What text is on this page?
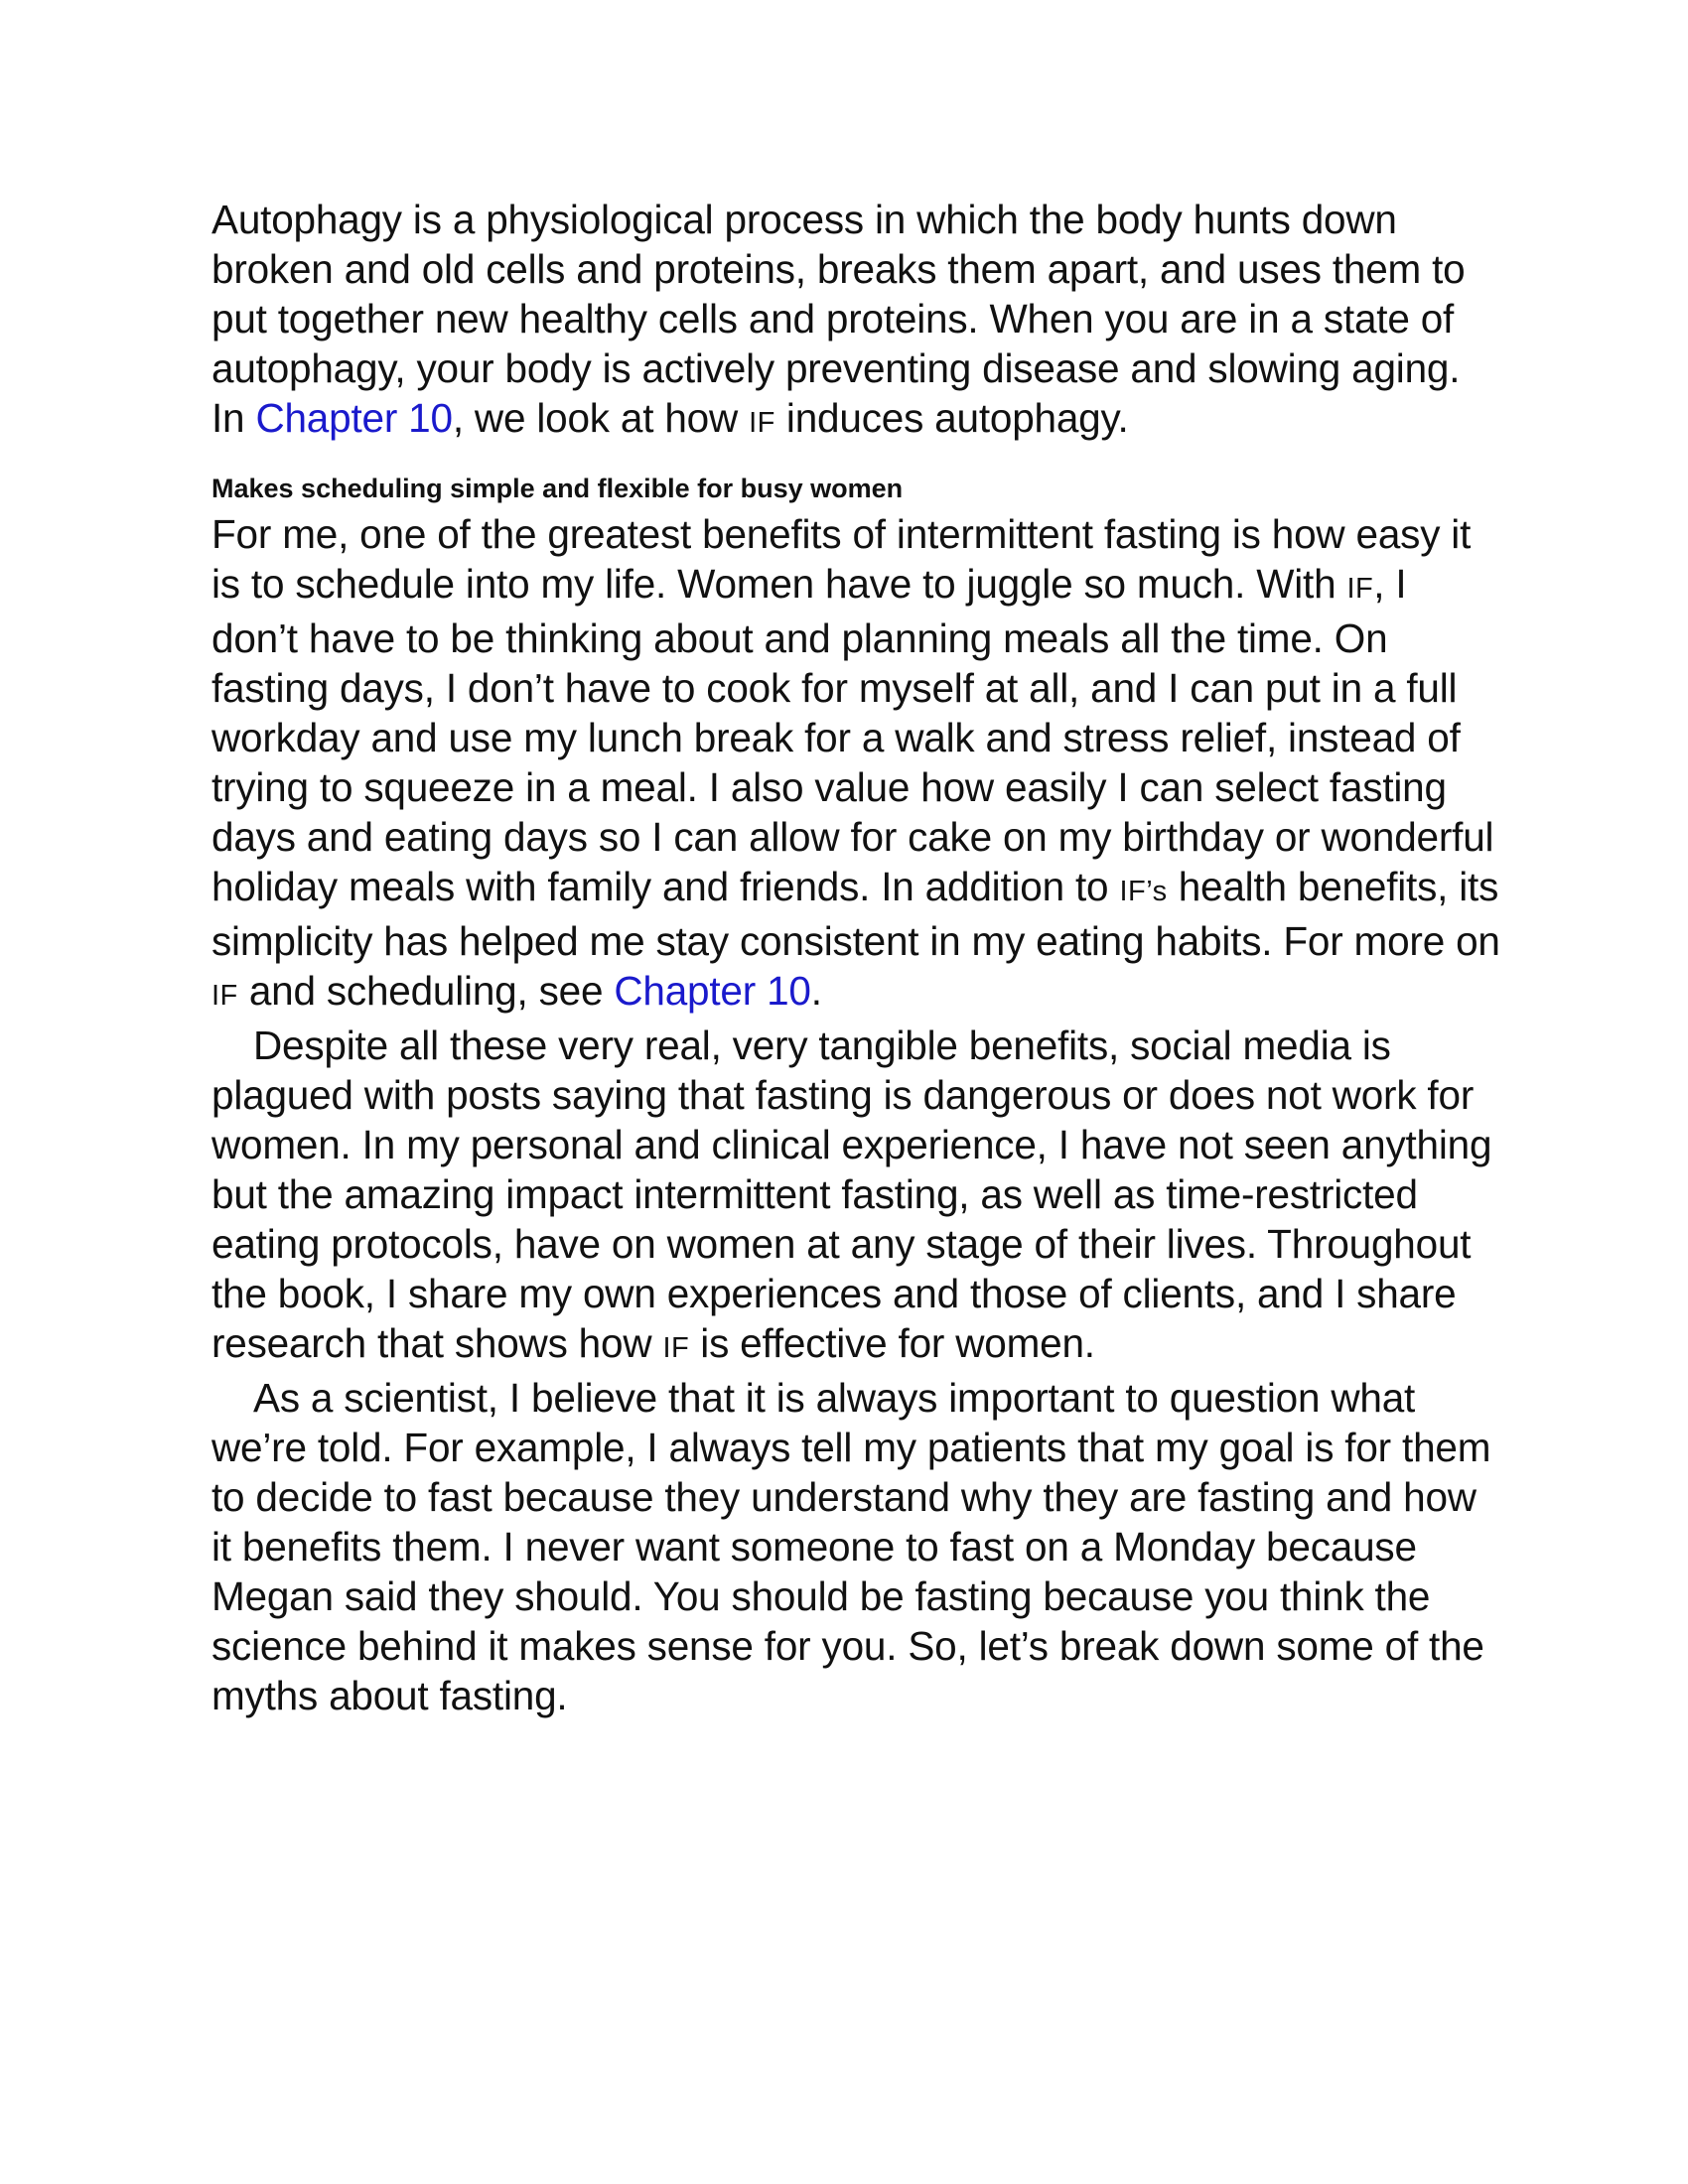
Autophagy is a physiological process in which the body hunts down broken and old cells and proteins, breaks them apart, and uses them to put together new healthy cells and proteins. When you are in a state of autophagy, your body is actively preventing disease and slowing aging. In Chapter 10, we look at how IF induces autophagy.

Makes scheduling simple and flexible for busy women

For me, one of the greatest benefits of intermittent fasting is how easy it is to schedule into my life. Women have to juggle so much. With IF, I don’t have to be thinking about and planning meals all the time. On fasting days, I don’t have to cook for myself at all, and I can put in a full workday and use my lunch break for a walk and stress relief, instead of trying to squeeze in a meal. I also value how easily I can select fasting days and eating days so I can allow for cake on my birthday or wonderful holiday meals with family and friends. In addition to IF’s health benefits, its simplicity has helped me stay consistent in my eating habits. For more on IF and scheduling, see Chapter 10.

Despite all these very real, very tangible benefits, social media is plagued with posts saying that fasting is dangerous or does not work for women. In my personal and clinical experience, I have not seen anything but the amazing impact intermittent fasting, as well as time-restricted eating protocols, have on women at any stage of their lives. Throughout the book, I share my own experiences and those of clients, and I share research that shows how IF is effective for women.

As a scientist, I believe that it is always important to question what we’re told. For example, I always tell my patients that my goal is for them to decide to fast because they understand why they are fasting and how it benefits them. I never want someone to fast on a Monday because Megan said they should. You should be fasting because you think the science behind it makes sense for you. So, let’s break down some of the myths about fasting.
